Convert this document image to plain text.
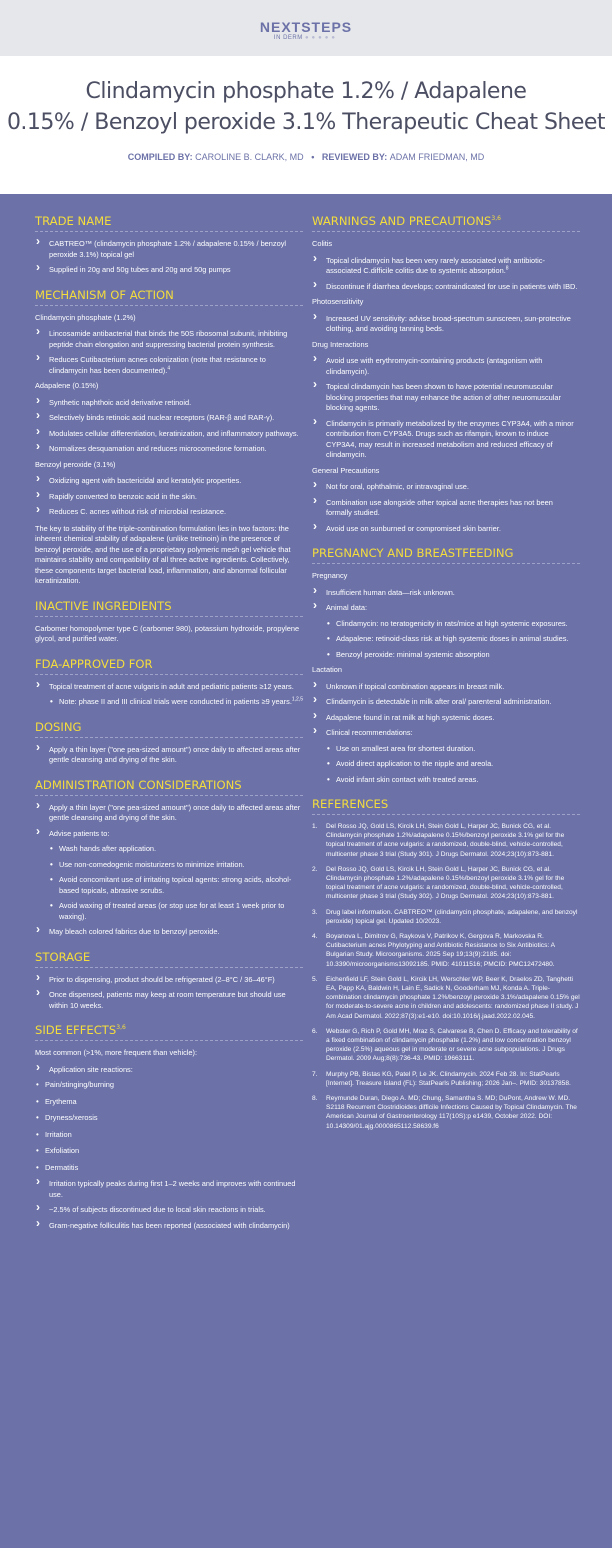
NEXTSTEPS
IN DERM ●●●●●
Clindamycin phosphate 1.2% / Adapalene
0.15% / Benzoyl peroxide 3.1% Therapeutic Cheat Sheet
COMPILED BY: CAROLINE B. CLARK, MD • REVIEWED BY: ADAM FRIEDMAN, MD
TRADE NAME
› CABTREO™ (clindamycin phosphate 1.2% / adapalene 0.15% / benzoyl peroxide 3.1%) topical gel
› Supplied in 20g and 50g tubes and 20g and 50g pumps
MECHANISM OF ACTION
Clindamycin phosphate (1.2%)
› Lincosamide antibacterial that binds the 50S ribosomal subunit, inhibiting peptide chain elongation and suppressing bacterial protein synthesis.
› Reduces Cutibacterium acnes colonization (note that resistance to clindamycin has been documented).$^4$
Adapalene (0.15%)
› Synthetic naphthoic acid derivative retinoid.
› Selectively binds retinoic acid nuclear receptors (RAR-β and RAR-γ).
› Modulates cellular differentiation, keratinization, and inflammatory pathways.
› Normalizes desquamation and reduces microcomedone formation.
Benzoyl peroxide (3.1%)
› Oxidizing agent with bactericidal and keratolytic properties.
› Rapidly converted to benzoic acid in the skin.
› Reduces C. acnes without risk of microbial resistance.

The key to stability of the triple-combination formulation lies in two factors: the inherent chemical stability of adapalene (unlike tretinoin) in the presence of benzoyl peroxide, and the use of a proprietary polymeric mesh gel vehicle that maintains stability and compatibility of all three active ingredients. Collectively, these components target bacterial load, inflammation, and abnormal follicular keratinization.

INACTIVE INGREDIENTS

Carbomer homopolymer type C (carbomer 980), potassium hydroxide, propylene glycol, and purified water.

FDA-APPROVED FOR
› Topical treatment of acne vulgaris in adult and pediatric patients ≥12 years.
• Note: phase II and III clinical trials were conducted in patients ≥9 years.$^{1,2,5}$
DOSING
› Apply a thin layer ("one pea-sized amount") once daily to affected areas after gentle cleansing and drying of the skin.
ADMINISTRATION CONSIDERATIONS
› Apply a thin layer ("one pea-sized amount") once daily to affected areas after gentle cleansing and drying of the skin.
› Advise patients to:
• Wash hands after application.
• Use non-comedogenic moisturizers to minimize irritation.
• Avoid concomitant use of irritating topical agents: strong acids, alcohol-based topicals, abrasive scrubs.
• Avoid waxing of treated areas (or stop use for at least 1 week prior to waxing).
› May bleach colored fabrics due to benzoyl peroxide.
STORAGE
› Prior to dispensing, product should be refrigerated (2–8°C / 36–46°F)
› Once dispensed, patients may keep at room temperature but should use within 10 weeks.
SIDE EFFECTS$^{3,6}$
Most common (>1%, more frequent than vehicle):
› Application site reactions:
• Pain/stinging/burning
• Erythema
• Dryness/xerosis
• Irritation
• Exfoliation
• Dermatitis
› Irritation typically peaks during first 1–2 weeks and improves with continued use.
› ~2.5% of subjects discontinued due to local skin reactions in trials.
› Gram-negative folliculitis has been reported (associated with clindamycin)
WARNINGS AND PRECAUTIONS$^{3,6}$
Colitis
› Topical clindamycin has been very rarely associated with antibiotic-associated C.difficile colitis due to systemic absorption.$^8$
› Discontinue if diarrhea develops; contraindicated for use in patients with IBD.
Photosensitivity
› Increased UV sensitivity: advise broad-spectrum sunscreen, sun-protective clothing, and avoiding tanning beds.
Drug Interactions
› Avoid use with erythromycin-containing products (antagonism with clindamycin).
› Topical clindamycin has been shown to have potential neuromuscular blocking properties that may enhance the action of other neuromuscular blocking agents.
› Clindamycin is primarily metabolized by the enzymes CYP3A4, with a minor contribution from CYP3A5. Drugs such as rifampin, known to induce CYP3A4, may result in increased metabolism and reduced efficacy of clindamycin.
General Precautions
› Not for oral, ophthalmic, or intravaginal use.
› Combination use alongside other topical acne therapies has not been formally studied.
› Avoid use on sunburned or compromised skin barrier.
PREGNANCY AND BREASTFEEDING
Pregnancy
› Insufficient human data—risk unknown.
› Animal data:
• Clindamycin: no teratogenicity in rats/mice at high systemic exposures.
• Adapalene: retinoid-class risk at high systemic doses in animal studies.
• Benzoyl peroxide: minimal systemic absorption
Lactation
› Unknown if topical combination appears in breast milk.
› Clindamycin is detectable in milk after oral/ parenteral administration.
› Adapalene found in rat milk at high systemic doses.
› Clinical recommendations:
• Use on smallest area for shortest duration.
• Avoid direct application to the nipple and areola.
• Avoid infant skin contact with treated areas.
REFERENCES
1. Del Rosso JQ, Gold LS, Kircik LH, Stein Gold L, Harper JC, Bunick CG, et al. Clindamycin phosphate 1.2%/adapalene 0.15%/benzoyl peroxide 3.1% gel for the topical treatment of acne vulgaris: a randomized, double-blind, vehicle-controlled, multicenter phase 3 trial (Study 301). J Drugs Dermatol. 2024;23(10):873-881.
2. Del Rosso JQ, Gold LS, Kircik LH, Stein Gold L, Harper JC, Bunick CG, et al. Clindamycin phosphate 1.2%/adapalene 0.15%/benzoyl peroxide 3.1% gel for the topical treatment of acne vulgaris: a randomized, double-blind, vehicle-controlled, multicenter phase 3 trial (Study 302). J Drugs Dermatol. 2024;23(10):873-881.
3. Drug label information. CABTREO™ (clindamycin phosphate, adapalene, and benzoyl peroxide) topical gel. Updated 10/2023.
4. Boyanova L, Dimitrov G, Raykova V, Patrikov K, Gergova R, Markovska R. Cutibacterium acnes Phylotyping and Antibiotic Resistance to Six Antibiotics: A Bulgarian Study. Microorganisms. 2025 Sep 19;13(9):2185. doi: 10.3390/microorganisms13092185. PMID: 41011516; PMCID: PMC12472480.
5. Eichenfield LF, Stein Gold L, Kircik LH, Werschler WP, Beer K, Draelos ZD, Tanghetti EA, Papp KA, Baldwin H, Lain E, Sadick N, Gooderham MJ, Konda A. Triple-combination clindamycin phosphate 1.2%/benzoyl peroxide 3.1%/adapalene 0.15% gel for moderate-to-severe acne in children and adolescents: randomized phase II study. J Am Acad Dermatol. 2022;87(3):e1-e10. doi:10.1016/j.jaad.2022.02.045.
6. Webster G, Rich P, Gold MH, Mraz S, Calvarese B, Chen D. Efficacy and tolerability of a fixed combination of clindamycin phosphate (1.2%) and low concentration benzoyl peroxide (2.5%) aqueous gel in moderate or severe acne subpopulations. J Drugs Dermatol. 2009 Aug;8(8):736-43. PMID: 19663111.
7. Murphy PB, Bistas KG, Patel P, Le JK. Clindamycin. 2024 Feb 28. In: StatPearls [Internet]. Treasure Island (FL): StatPearls Publishing; 2026 Jan–. PMID: 30137858.
8. Reymunde Duran, Diego A. MD; Chung, Samantha S. MD; DuPont, Andrew W. MD. S2118 Recurrent Clostridioides difficile Infections Caused by Topical Clindamycin. The American Journal of Gastroenterology 117(10S):p e1439, October 2022. DOI: 10.14309/01.ajg.0000865112.58639.f6
